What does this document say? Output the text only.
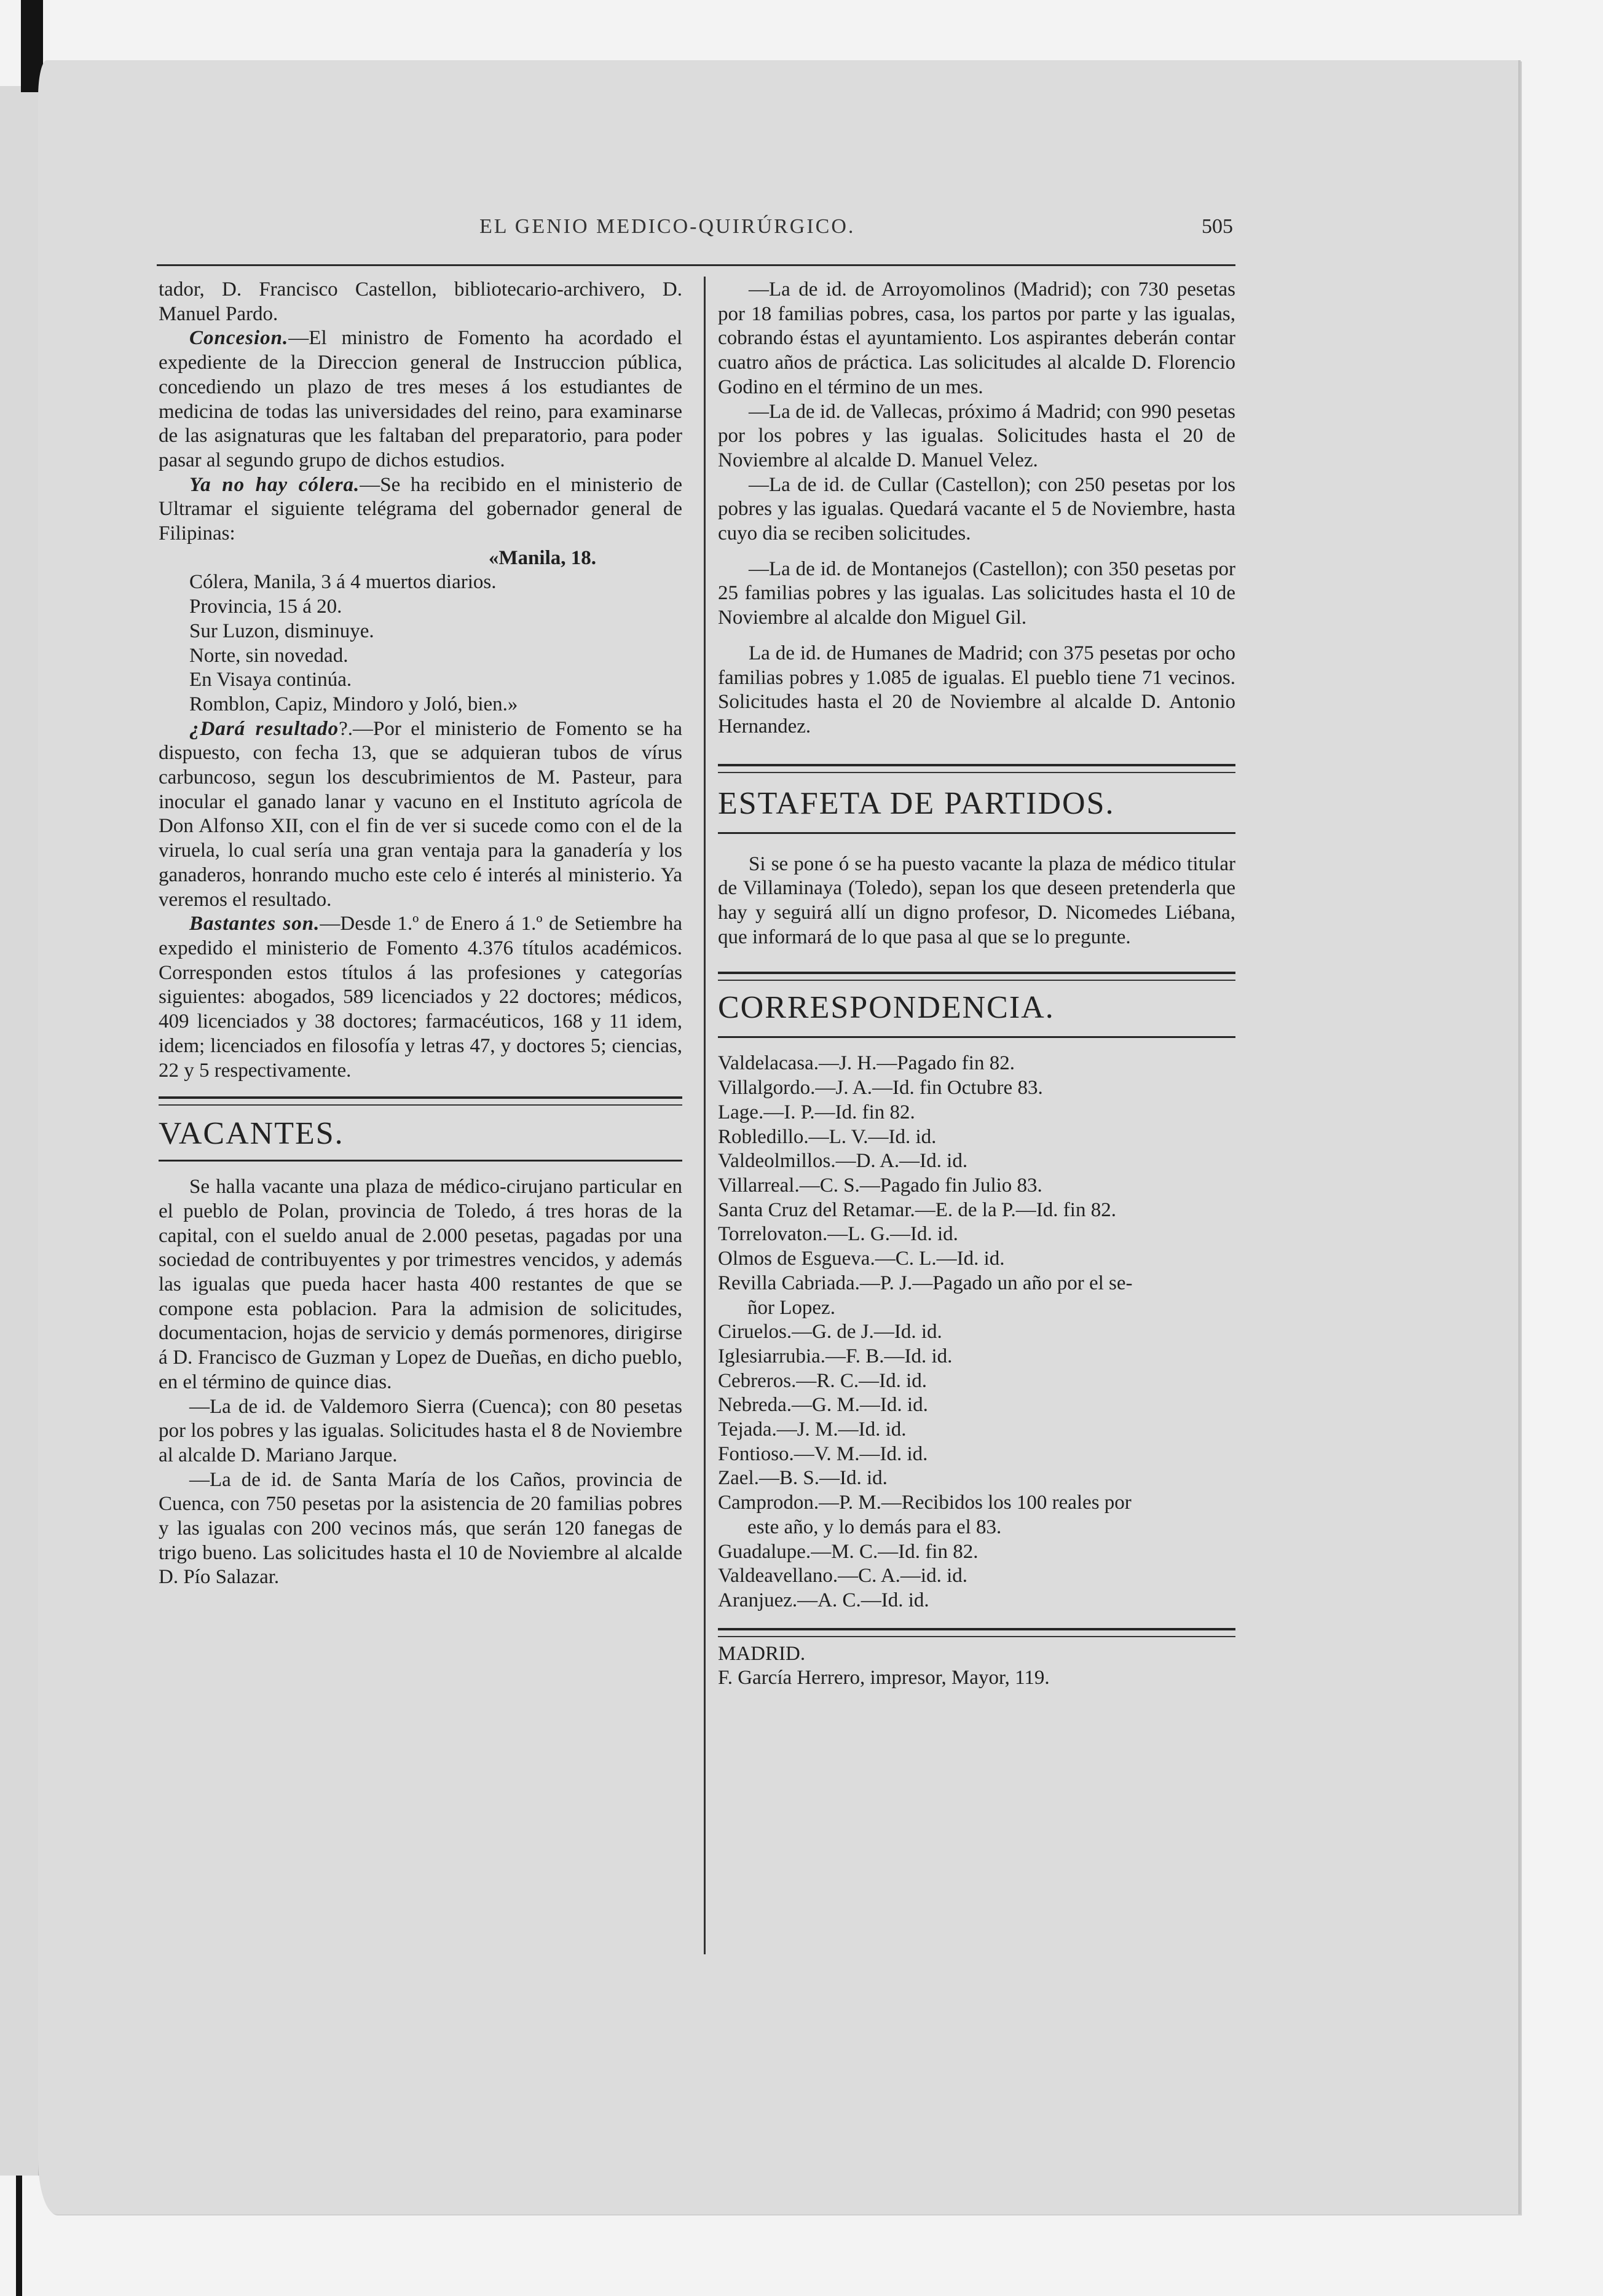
EL GENIO MEDICO-QUIRÚRGICO.	505

tador, D. Francisco Castellon, bibliotecario-archivero, D. Manuel Pardo.

Concesion.—El ministro de Fomento ha acordado el expediente de la Direccion general de Instruccion pública, concediendo un plazo de tres meses á los estudiantes de medicina de todas las universidades del reino, para examinarse de las asignaturas que les faltaban del preparatorio, para poder pasar al segundo grupo de dichos estudios.

Ya no hay cólera.—Se ha recibido en el ministerio de Ultramar el siguiente telégrama del gobernador general de Filipinas:

«Manila, 18.

Cólera, Manila, 3 á 4 muertos diarios.

Provincia, 15 á 20.

Sur Luzon, disminuye.

Norte, sin novedad.

En Visaya continúa.

Romblon, Capiz, Mindoro y Joló, bien.»

¿Dará resultado?.—Por el ministerio de Fomento se ha dispuesto, con fecha 13, que se adquieran tubos de vírus carbuncoso, segun los descubrimientos de M. Pasteur, para inocular el ganado lanar y vacuno en el Instituto agrícola de Don Alfonso XII, con el fin de ver si sucede como con el de la viruela, lo cual sería una gran ventaja para la ganadería y los ganaderos, honrando mucho este celo é interés al ministerio. Ya veremos el resultado.

Bastantes son.—Desde 1.º de Enero á 1.º de Setiembre ha expedido el ministerio de Fomento 4.376 títulos académicos. Corresponden estos títulos á las profesiones y categorías siguientes: abogados, 589 licenciados y 22 doctores; médicos, 409 licenciados y 38 doctores; farmacéuticos, 168 y 11 idem, idem; licenciados en filosofía y letras 47, y doctores 5; ciencias, 22 y 5 respectivamente.

VACANTES.

Se halla vacante una plaza de médico-cirujano particular en el pueblo de Polan, provincia de Toledo, á tres horas de la capital, con el sueldo anual de 2.000 pesetas, pagadas por una sociedad de contribuyentes y por trimestres vencidos, y además las igualas que pueda hacer hasta 400 restantes de que se compone esta poblacion. Para la admision de solicitudes, documentacion, hojas de servicio y demás pormenores, dirigirse á D. Francisco de Guzman y Lopez de Dueñas, en dicho pueblo, en el término de quince dias.

—La de id. de Valdemoro Sierra (Cuenca); con 80 pesetas por los pobres y las igualas. Solicitudes hasta el 8 de Noviembre al alcalde D. Mariano Jarque.

—La de id. de Santa María de los Caños, provincia de Cuenca, con 750 pesetas por la asistencia de 20 familias pobres y las igualas con 200 vecinos más, que serán 120 fanegas de trigo bueno. Las solicitudes hasta el 10 de Noviembre al alcalde D. Pío Salazar.

—La de id. de Arroyomolinos (Madrid); con 730 pesetas por 18 familias pobres, casa, los partos por parte y las igualas, cobrando éstas el ayuntamiento. Los aspirantes deberán contar cuatro años de práctica. Las solicitudes al alcalde D. Florencio Godino en el término de un mes.

—La de id. de Vallecas, próximo á Madrid; con 990 pesetas por los pobres y las igualas. Solicitudes hasta el 20 de Noviembre al alcalde D. Manuel Velez.

—La de id. de Cullar (Castellon); con 250 pesetas por los pobres y las igualas. Quedará vacante el 5 de Noviembre, hasta cuyo dia se reciben solicitudes.

—La de id. de Montanejos (Castellon); con 350 pesetas por 25 familias pobres y las igualas. Las solicitudes hasta el 10 de Noviembre al alcalde don Miguel Gil.

La de id. de Humanes de Madrid; con 375 pesetas por ocho familias pobres y 1.085 de igualas. El pueblo tiene 71 vecinos. Solicitudes hasta el 20 de Noviembre al alcalde D. Antonio Hernandez.

ESTAFETA DE PARTIDOS.

Si se pone ó se ha puesto vacante la plaza de médico titular de Villaminaya (Toledo), sepan los que deseen pretenderla que hay y seguirá allí un digno profesor, D. Nicomedes Liébana, que informará de lo que pasa al que se lo pregunte.

CORRESPONDENCIA.

Valdelacasa.—J. H.—Pagado fin 82.

Villalgordo.—J. A.—Id. fin Octubre 83.

Lage.—I. P.—Id. fin 82.

Robledillo.—L. V.—Id. id.

Valdeolmillos.—D. A.—Id. id.

Villarreal.—C. S.—Pagado fin Julio 83.

Santa Cruz del Retamar.—E. de la P.—Id. fin 82.

Torrelovaton.—L. G.—Id. id.

Olmos de Esgueva.—C. L.—Id. id.

Revilla Cabriada.—P. J.—Pagado un año por el se-
ñor Lopez.

Ciruelos.—G. de J.—Id. id.

Iglesiarrubia.—F. B.—Id. id.

Cebreros.—R. C.—Id. id.

Nebreda.—G. M.—Id. id.

Tejada.—J. M.—Id. id.

Fontioso.—V. M.—Id. id.

Zael.—B. S.—Id. id.

Camprodon.—P. M.—Recibidos los 100 reales por
este año, y lo demás para el 83.

Guadalupe.—M. C.—Id. fin 82.

Valdeavellano.—C. A.—id. id.

Aranjuez.—A. C.—Id. id.

MADRID.

F. García Herrero, impresor, Mayor, 119.
